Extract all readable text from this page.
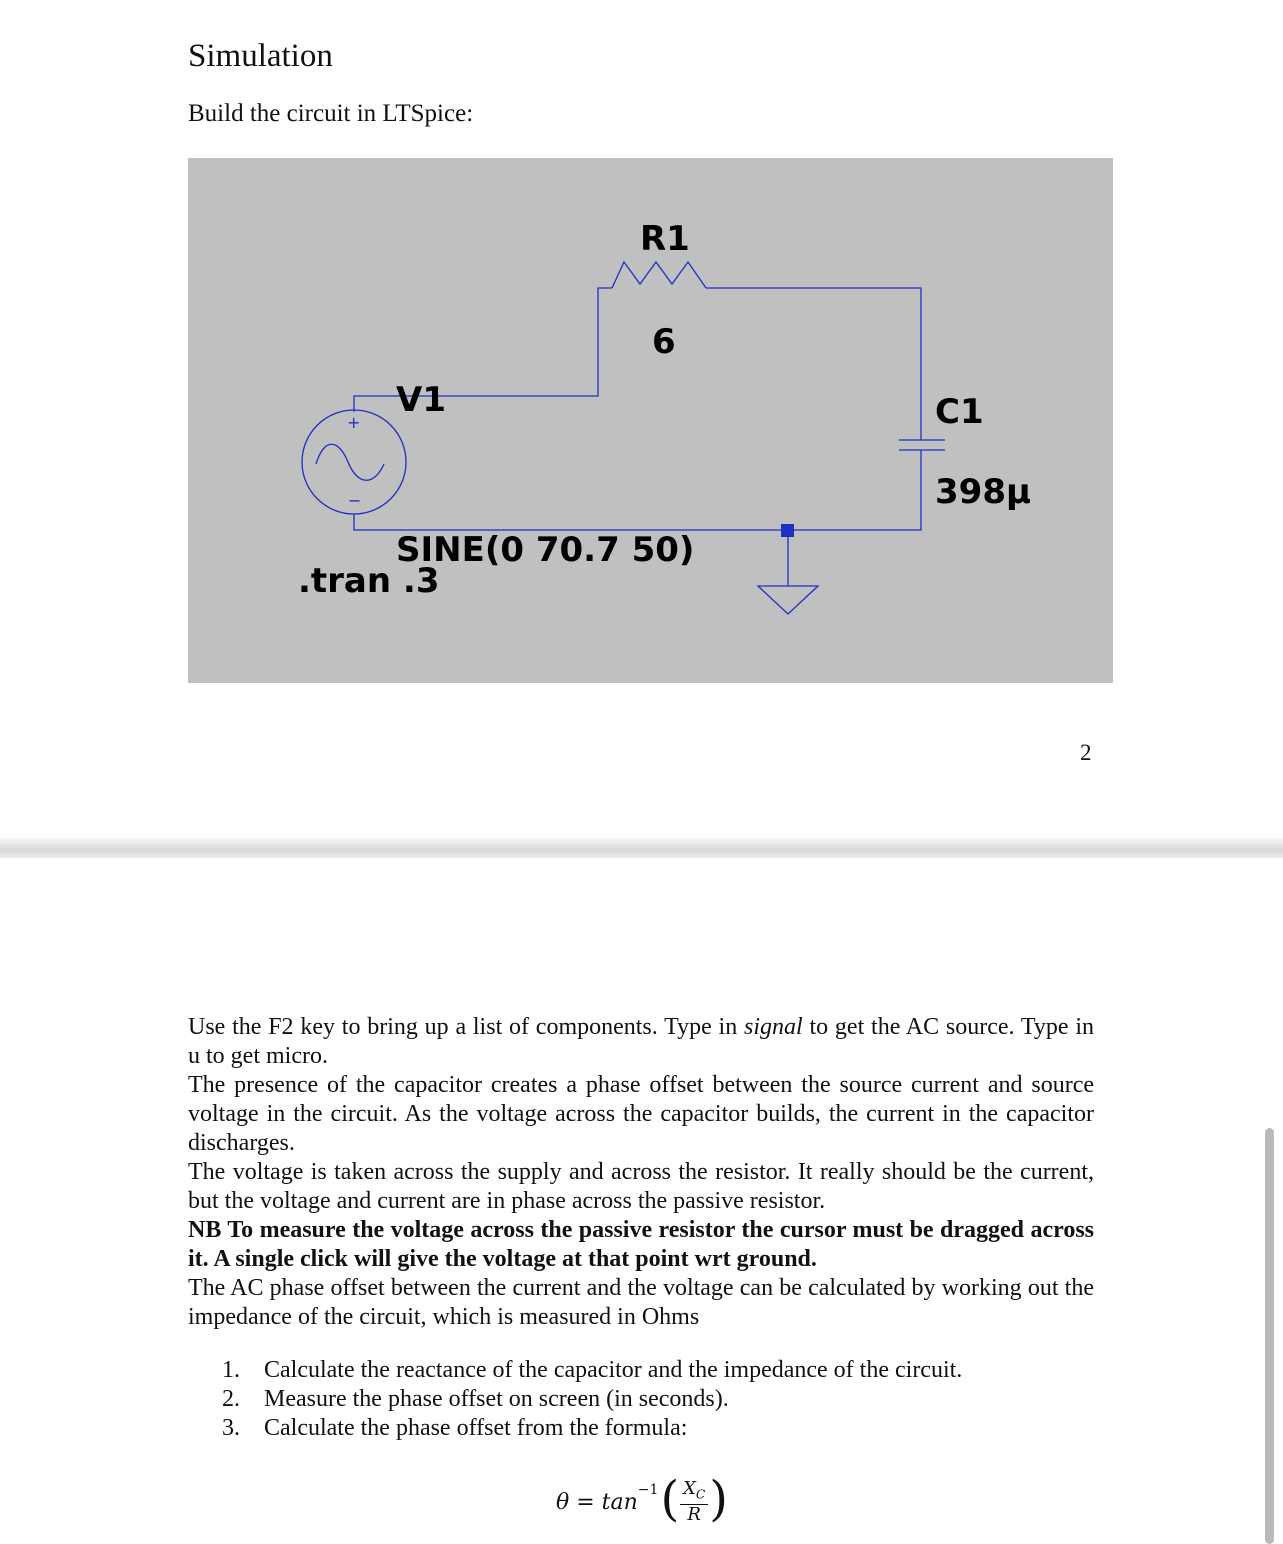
Simulation
Build the circuit in LTSpice:
+
−
R1
6
V1
SINE(0 70.7 50)
.tran .3
C1
398µ
2

Use the F2 key to bring up a list of components. Type in signal to get the AC source. Type in u to get micro.

The presence of the capacitor creates a phase offset between the source current and source voltage in the circuit. As the voltage across the capacitor builds, the current in the capacitor discharges.

The voltage is taken across the supply and across the resistor. It really should be the current, but the voltage and current are in phase across the passive resistor.

NB To measure the voltage across the passive resistor the cursor must be dragged across it. A single click will give the voltage at that point wrt ground.

The AC phase offset between the current and the voltage can be calculated by working out the impedance of the circuit, which is measured in Ohms

1.	Calculate the reactance of the capacitor and the impedance of the circuit.
2.	Measure the phase offset on screen (in seconds).
3.	Calculate the phase offset from the formula:
θ = tan −1 ( $\frac{X_C}{R}$ )
